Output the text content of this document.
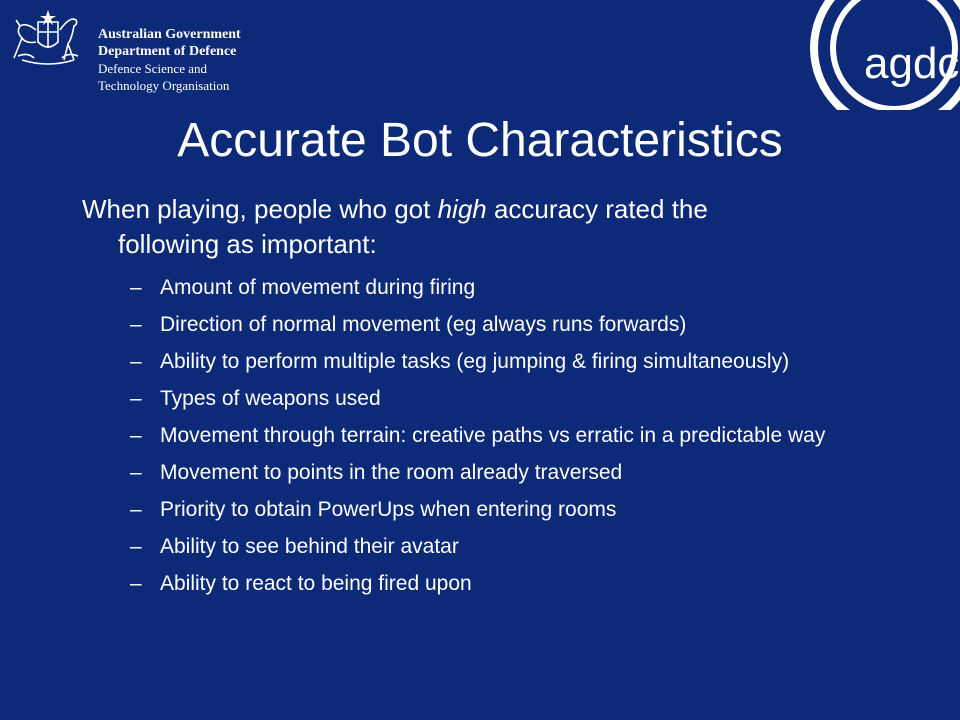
Australian Government
Department of Defence
Defence Science and
Technology Organisation	agdc
Accurate Bot Characteristics
When playing, people who got high accuracy rated the
following as important:
– Amount of movement during firing
– Direction of normal movement (eg always runs forwards)
– Ability to perform multiple tasks (eg jumping & firing simultaneously)
– Types of weapons used
– Movement through terrain: creative paths vs erratic in a predictable way
– Movement to points in the room already traversed
– Priority to obtain PowerUps when entering rooms
– Ability to see behind their avatar
– Ability to react to being fired upon
